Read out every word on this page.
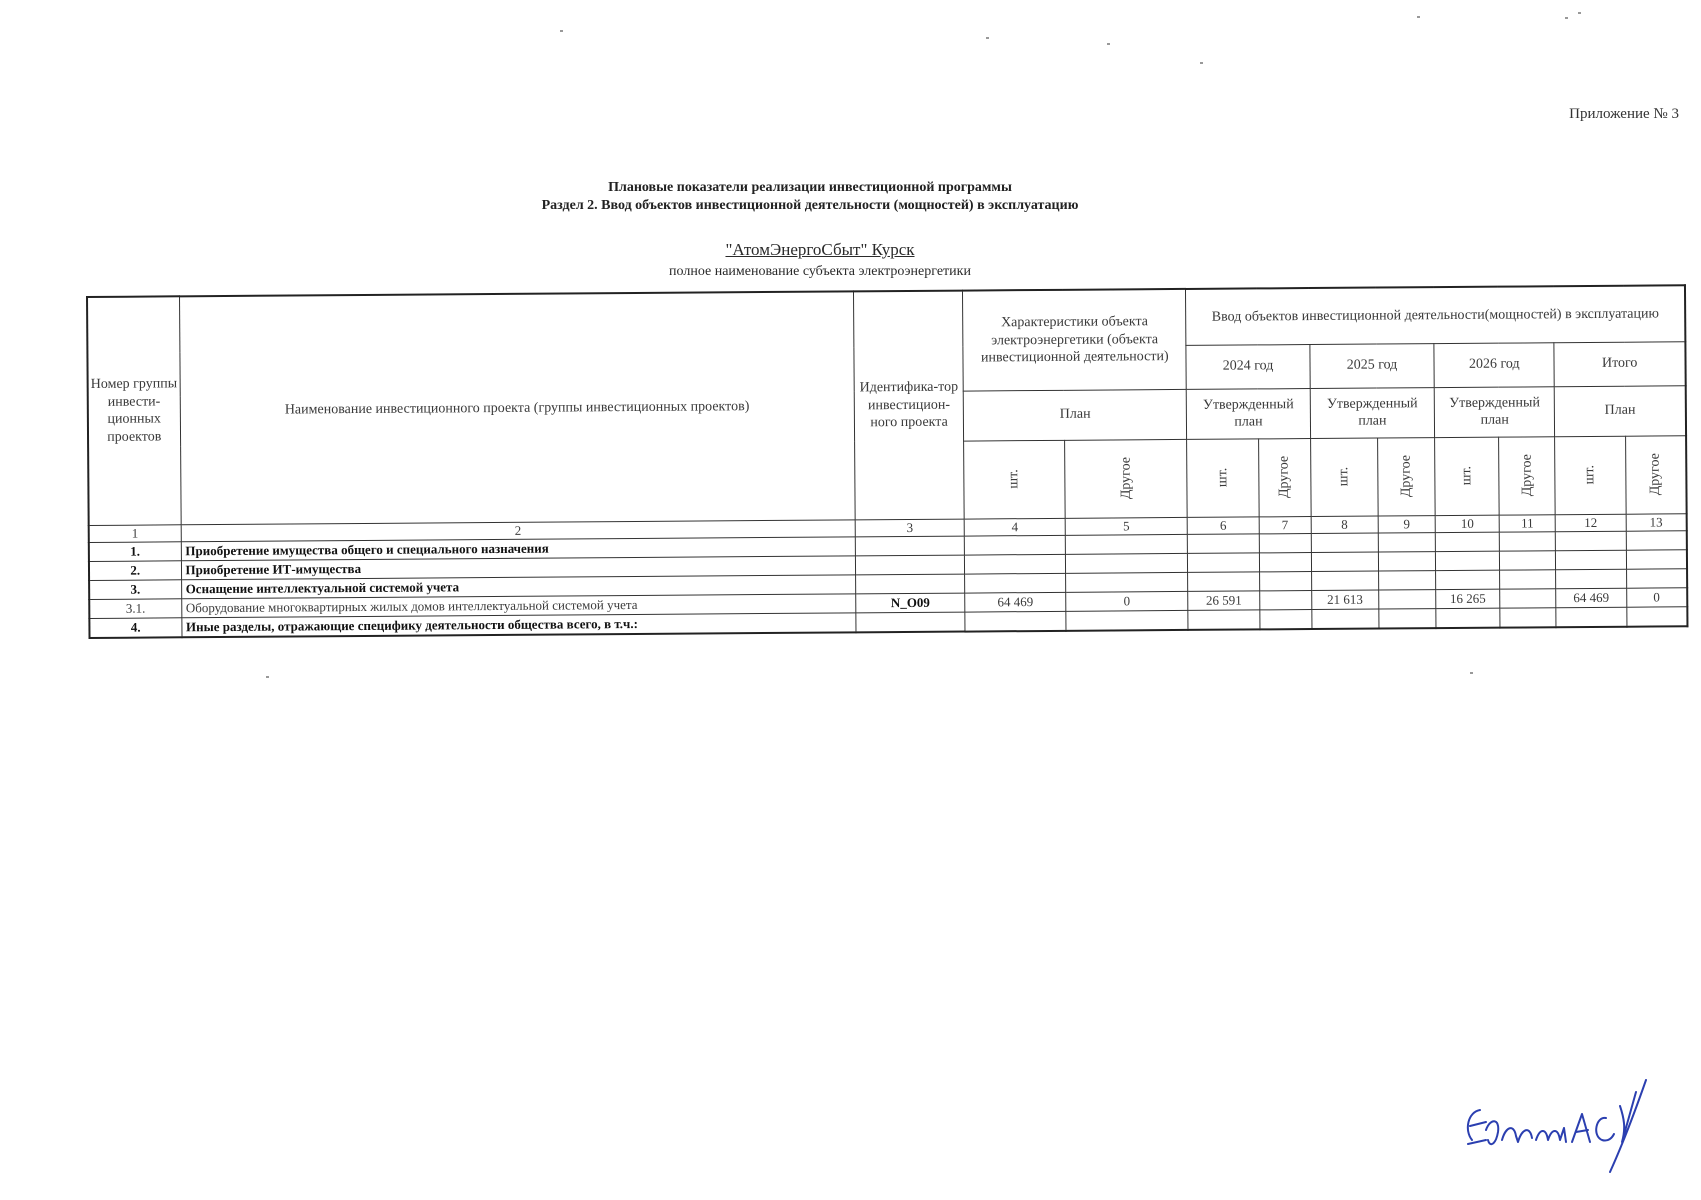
Приложение № 3
Плановые показатели реализации инвестиционной программы
Раздел 2. Ввод объектов инвестиционной деятельности (мощностей) в эксплуатацию
"АтомЭнергоСбыт" Курск
полное наименование субъекта электроэнергетики
Номер группы инвести-ционных проектов	Наименование инвестиционного проекта (группы инвестиционных проектов)	Идентифика-тор инвестицион-ного проекта	Характеристики объекта электроэнергетики (объекта инвестиционной деятельности)		Ввод объектов инвестиционной деятельности(мощностей) в эксплуатацию							
					2024 год		2025 год		2026 год		Итого	
			План		Утвержденный план		Утвержденный план		Утвержденный план		План	
			шт.	Другое	шт.	Другое	шт.	Другое	шт.	Другое	шт.	Другое
1	2	3	4	5	6	7	8	9	10	11	12	13
1.	Приобретение имущества общего и специального назначения											
2.	Приобретение ИТ-имущества											
3.	Оснащение интеллектуальной системой учета											
3.1.	Оборудование многоквартирных жилых домов интеллектуальной системой учета	N_O09	64 469	0	26 591		21 613		16 265		64 469	0
4.	Иные разделы, отражающие специфику деятельности общества всего, в т.ч.:											
